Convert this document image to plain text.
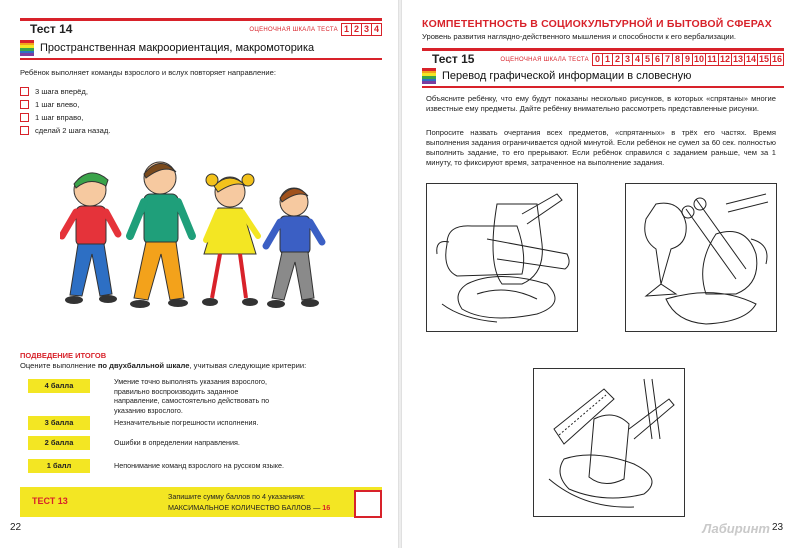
Тест 14	ОЦЕНОЧНАЯ ШКАЛА ТЕСТА 1 2 3 4
Пространственная макроориентация, макромоторика
Ребёнок выполняет команды взрослого и вслух повторяет направление:
3 шага вперёд,
1 шаг влево,
1 шаг вправо,
сделай 2 шага назад.
ПОДВЕДЕНИЕ ИТОГОВ
Оцените выполнение по двухбалльной шкале, учитывая следующие критерии:
4 балла	Умение точно выполнять указания взрослого, правильно воспроизводить заданное направление, самостоятельно действовать по указанию взрослого.
3 балла	Незначительные погрешности исполнения.
2 балла	Ошибки в определении направления.
1 балл	Непонимание команд взрослого на русском языке.
ТЕСТ 13	Запишите сумму баллов по 4 указаниям:
МАКСИМАЛЬНОЕ КОЛИЧЕСТВО БАЛЛОВ — 16
22
КОМПЕТЕНТНОСТЬ В СОЦИОКУЛЬТУРНОЙ И БЫТОВОЙ СФЕРАХ
Уровень развития наглядно-действенного мышления и способности к его вербализации.
Тест 15	ОЦЕНОЧНАЯ ШКАЛА ТЕСТА 0 1 2 3 4 5 6 7 8 9 10 11 12 13 14 15 16
Перевод графической информации в словесную
Объясните ребёнку, что ему будут показаны несколько рисунков, в которых «спрятаны» многие известные ему предметы. Дайте ребёнку внимательно рассмотреть представленные рисунки.
Попросите назвать очертания всех предметов, «спрятанных» в трёх его частях. Время выполнения задания ограничивается одной минутой. Если ребёнок не сумел за 60 сек. полностью выполнить задание, то его прерывают. Если ребёнок справился с заданием раньше, чем за 1 минуту, то фиксируют время, затраченное на выполнение задания.
23
Лабиринт
